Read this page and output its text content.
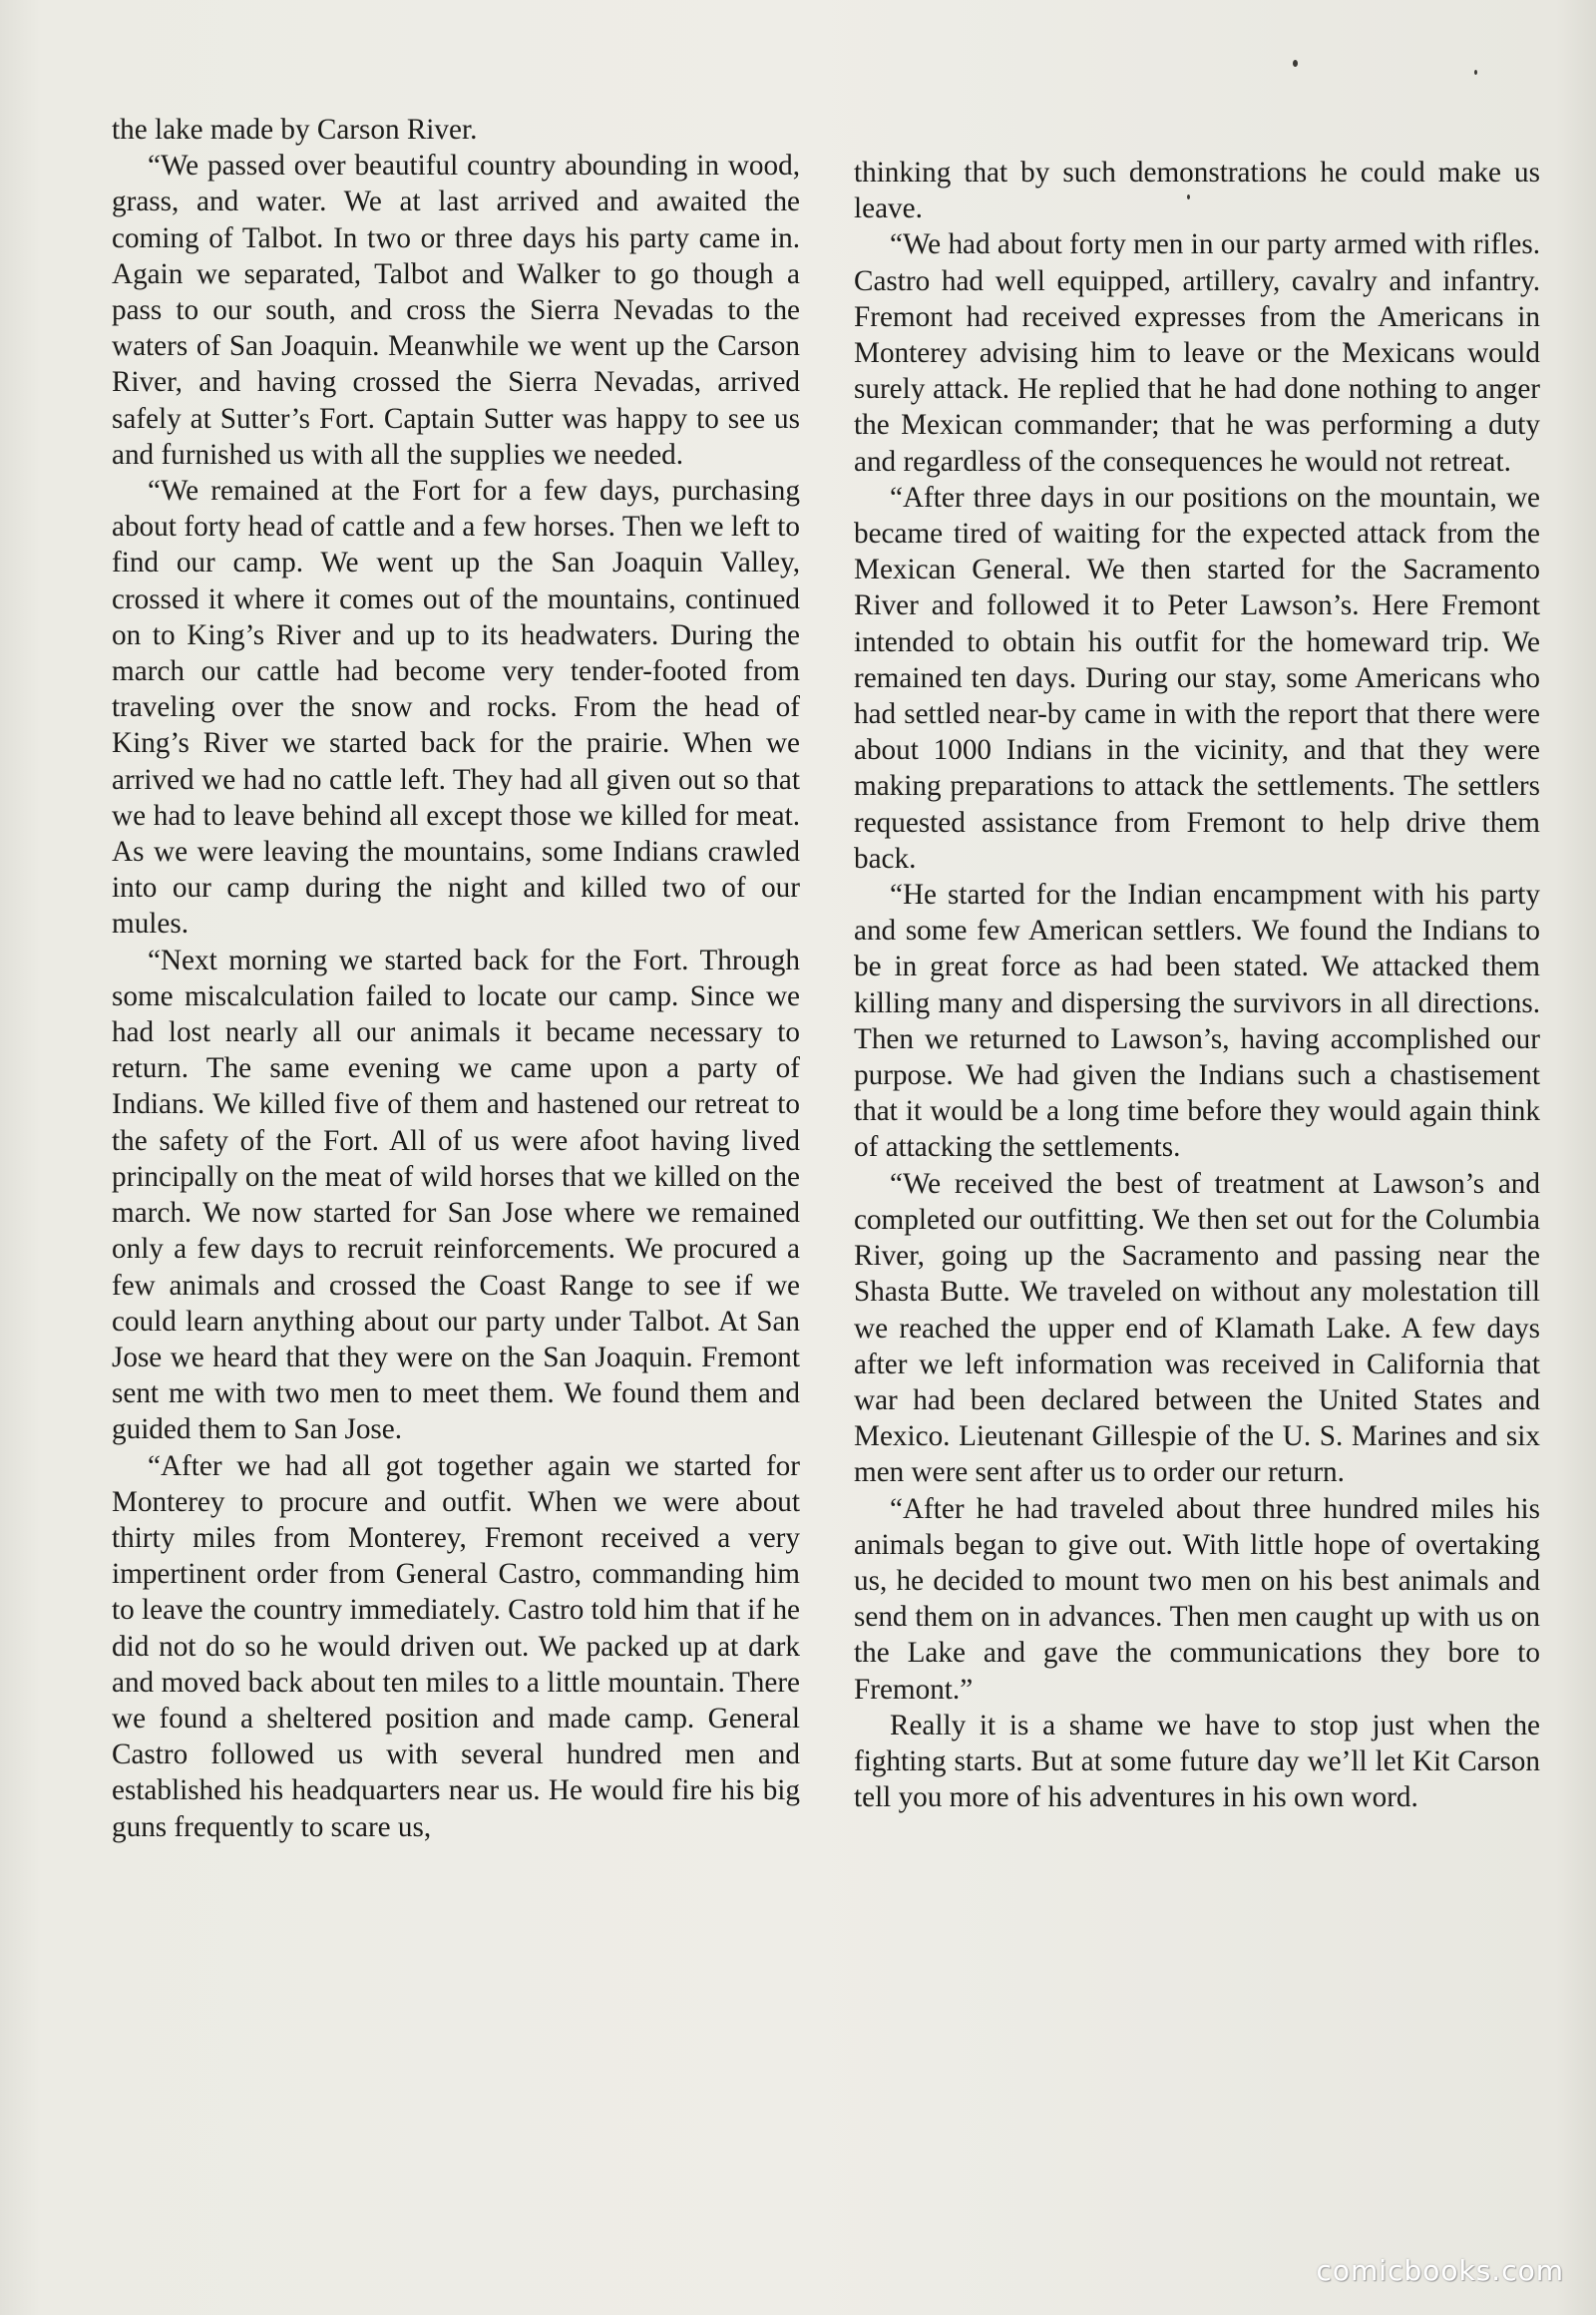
the lake made by Carson River.

“We passed over beautiful country abounding in wood, grass, and water. We at last arrived and awaited the coming of Talbot. In two or three days his party came in. Again we separated, Talbot and Walker to go though a pass to our south, and cross the Sierra Nevadas to the waters of San Joaquin. Meanwhile we went up the Carson River, and having crossed the Sierra Nevadas, arrived safely at Sutter’s Fort. Captain Sutter was happy to see us and furnished us with all the supplies we needed.

“We remained at the Fort for a few days, purchasing about forty head of cattle and a few horses. Then we left to find our camp. We went up the San Joaquin Valley, crossed it where it comes out of the mountains, continued on to King’s River and up to its headwaters. During the march our cattle had become very tender-footed from traveling over the snow and rocks. From the head of King’s River we started back for the prairie. When we arrived we had no cattle left. They had all given out so that we had to leave behind all except those we killed for meat. As we were leaving the mountains, some Indians crawled into our camp during the night and killed two of our mules.

“Next morning we started back for the Fort. Through some miscalculation failed to locate our camp. Since we had lost nearly all our animals it became necessary to return. The same evening we came upon a party of Indians. We killed five of them and hastened our retreat to the safety of the Fort. All of us were afoot having lived principally on the meat of wild horses that we killed on the march. We now started for San Jose where we remained only a few days to recruit reinforcements. We procured a few animals and crossed the Coast Range to see if we could learn anything about our party under Talbot. At San Jose we heard that they were on the San Joaquin. Fremont sent me with two men to meet them. We found them and guided them to San Jose.

“After we had all got together again we started for Monterey to procure and outfit. When we were about thirty miles from Monterey, Fremont received a very impertinent order from General Castro, commanding him to leave the country immediately. Castro told him that if he did not do so he would driven out. We packed up at dark and moved back about ten miles to a little mountain. There we found a sheltered position and made camp. General Castro followed us with several hundred men and established his headquarters near us. He would fire his big guns frequently to scare us,

thinking that by such demonstrations he could make us leave.

“We had about forty men in our party armed with rifles. Castro had well equipped, artillery, cavalry and infantry. Fremont had received expresses from the Americans in Monterey advising him to leave or the Mexicans would surely attack. He replied that he had done nothing to anger the Mexican commander; that he was performing a duty and regardless of the consequences he would not retreat.

“After three days in our positions on the mountain, we became tired of waiting for the expected attack from the Mexican General. We then started for the Sacramento River and followed it to Peter Lawson’s. Here Fremont intended to obtain his outfit for the homeward trip. We remained ten days. During our stay, some Americans who had settled near-by came in with the report that there were about 1000 Indians in the vicinity, and that they were making preparations to attack the settlements. The settlers requested assistance from Fremont to help drive them back.

“He started for the Indian encampment with his party and some few American settlers. We found the Indians to be in great force as had been stated. We attacked them killing many and dispersing the survivors in all directions. Then we returned to Lawson’s, having accomplished our purpose. We had given the Indians such a chastisement that it would be a long time before they would again think of attacking the settlements.

“We received the best of treatment at Lawson’s and completed our outfitting. We then set out for the Columbia River, going up the Sacramento and passing near the Shasta Butte. We traveled on without any molestation till we reached the upper end of Klamath Lake. A few days after we left information was received in California that war had been declared between the United States and Mexico. Lieutenant Gillespie of the U. S. Marines and six men were sent after us to order our return.

“After he had traveled about three hundred miles his animals began to give out. With little hope of overtaking us, he decided to mount two men on his best animals and send them on in advances. Then men caught up with us on the Lake and gave the communications they bore to Fremont.”

Really it is a shame we have to stop just when the fighting starts. But at some future day we’ll let Kit Carson tell you more of his adventures in his own word.

comicbooks.com
